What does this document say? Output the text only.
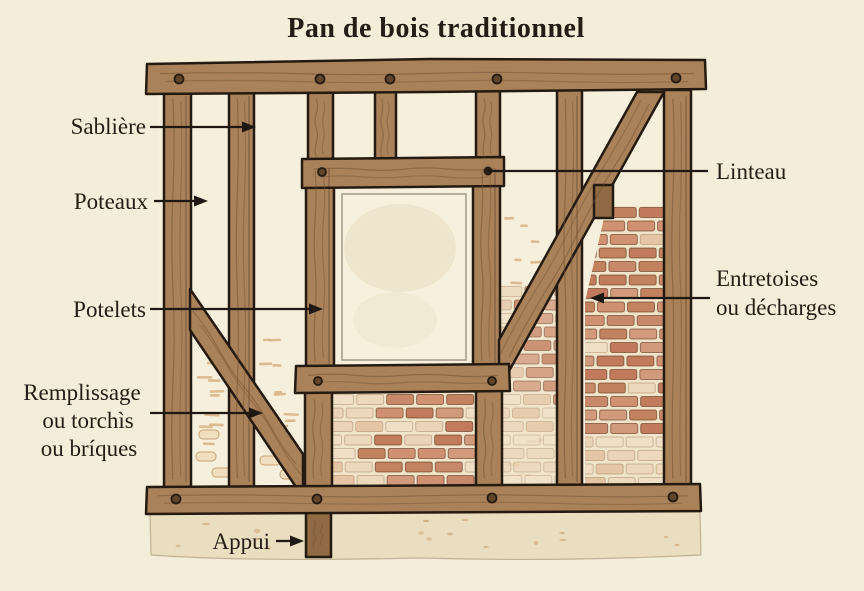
Pan de bois traditionnel
Sablière
Poteaux
Potelets
Remplissage
ou torchìs
ou bríques
Linteau
Entretoises
ou décharges
Appui
